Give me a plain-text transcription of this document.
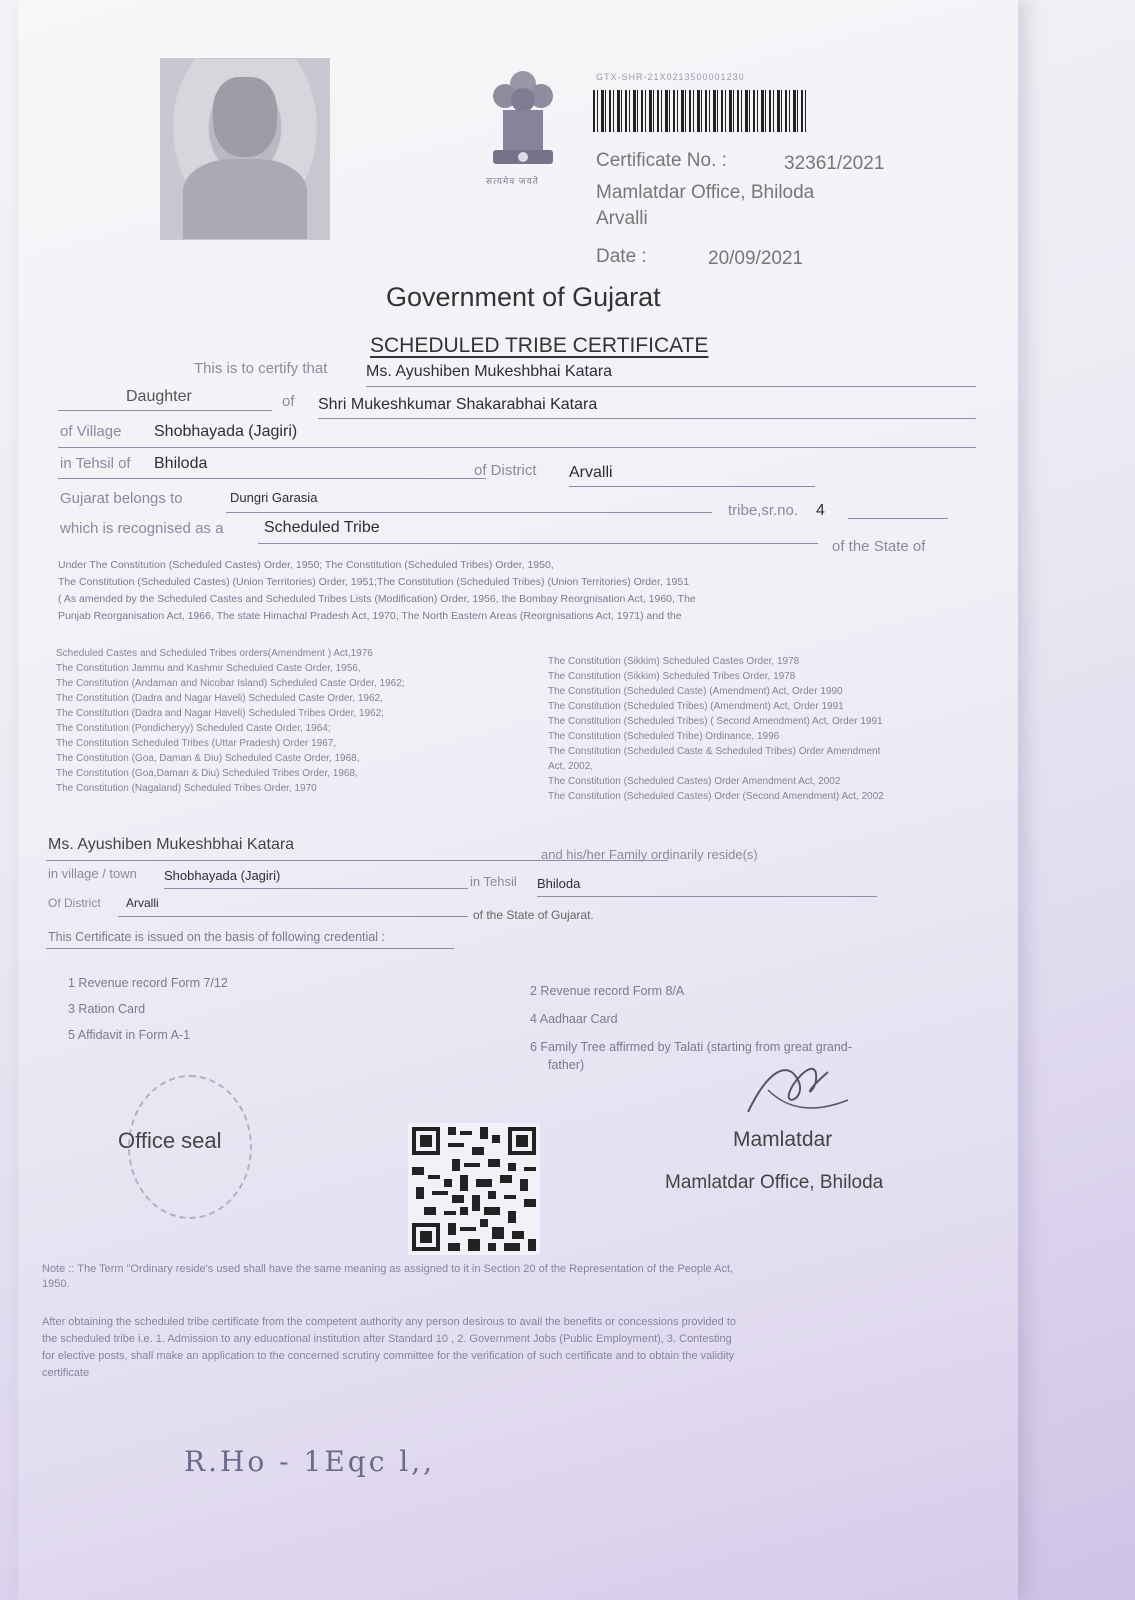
सत्यमेव जयते
GTX-SHR-21X0213500001230
Certificate No. :	32361/2021
Mamlatdar Office, Bhiloda
Arvalli
Date :	20/09/2021
Government of Gujarat
SCHEDULED TRIBE CERTIFICATE
This is to certify that Ms. Ayushiben Mukeshbhai Katara
Daughter	of Shri Mukeshkumar Shakarabhai Katara
of Village Shobhayada (Jagiri)
in Tehsil of Bhiloda	of District Arvalli
Gujarat belongs to	Dungri Garasia
tribe,sr.no. 4
which is recognised as a	Scheduled Tribe
of the State of
Under The Constitution (Scheduled Castes) Order, 1950; The Constitution (Scheduled Tribes) Order, 1950,
The Constitution (Scheduled Castes) (Union Territories) Order, 1951;The Constitution (Scheduled Tribes) (Union Territories) Order, 1951
( As amended by the Scheduled Castes and Scheduled Tribes Lists (Modification) Order, 1956, the Bombay Reorgnisation Act, 1960, The
Punjab Reorganisation Act, 1966, The state Himachal Pradesh Act, 1970, The North Eastern Areas (Reorgnisations Act, 1971) and the
Scheduled Castes and Scheduled Tribes orders(Amendment ) Act,1976
The Constitution Jammu and Kashmir Scheduled Caste Order, 1956,
The Constitution (Andaman and Nicobar Island) Scheduled Caste Order, 1962;
The Constitution (Dadra and Nagar Haveli) Scheduled Caste Order, 1962,
The Constitution (Dadra and Nagar Haveli) Scheduled Tribes Order, 1962;
The Constitution (Pondicheryy) Scheduled Caste Order, 1964;
The Constitution Scheduled Tribes (Uttar Pradesh) Order 1967,
The Constitution (Goa, Daman & Diu) Scheduled Caste Order, 1968,
The Constitution (Goa,Daman & Diu) Scheduled Tribes Order, 1968,
The Constitution (Nagaland) Scheduled Tribes Order, 1970
The Constitution (Sikkim) Scheduled Castes Order, 1978
The Constitution (Sikkim) Scheduled Tribes Order, 1978
The Constitution (Scheduled Caste) (Amendment) Act, Order 1990
The Constitution (Scheduled Tribes) (Amendment) Act, Order 1991
The Constitution (Scheduled Tribes) ( Second Amendment) Act, Order 1991
The Constitution (Scheduled Tribe) Ordinance, 1996
The Constitution (Scheduled Caste & Scheduled Tribes) Order Amendment
Act, 2002,
The Constitution (Scheduled Castes) Order Amendment Act, 2002
The Constitution (Scheduled Castes) Order (Second Amendment) Act, 2002
Ms. Ayushiben Mukeshbhai Katara
and his/her Family ordinarily reside(s)
in village / town Shobhayada (Jagiri)	in Tehsil Bhiloda
Of District Arvalli
of the State of Gujarat.
This Certificate is issued on the basis of following credential :
1 Revenue record Form 7/12
3 Ration Card
5 Affidavit in Form A-1
2 Revenue record Form 8/A
4 Aadhaar Card
6 Family Tree affirmed by Talati (starting from great grand-
father)
Office seal	Mamlatdar
Mamlatdar Office, Bhiloda
Note :: The Term "Ordinary reside's used shall have the same meaning as assigned to it in Section 20 of the Representation of the People Act,
1950.
After obtaining the scheduled tribe certificate from the competent authority any person desirous to avail the benefits or concessions provided to
the scheduled tribe i.e. 1. Admission to any educational institution after Standard 10 , 2. Government Jobs (Public Employment), 3. Contesting
for elective posts, shall make an application to the concerned scrutiny committee for the verification of such certificate and to obtain the validity
certificate
R.Ho - 1Eqc l,,
